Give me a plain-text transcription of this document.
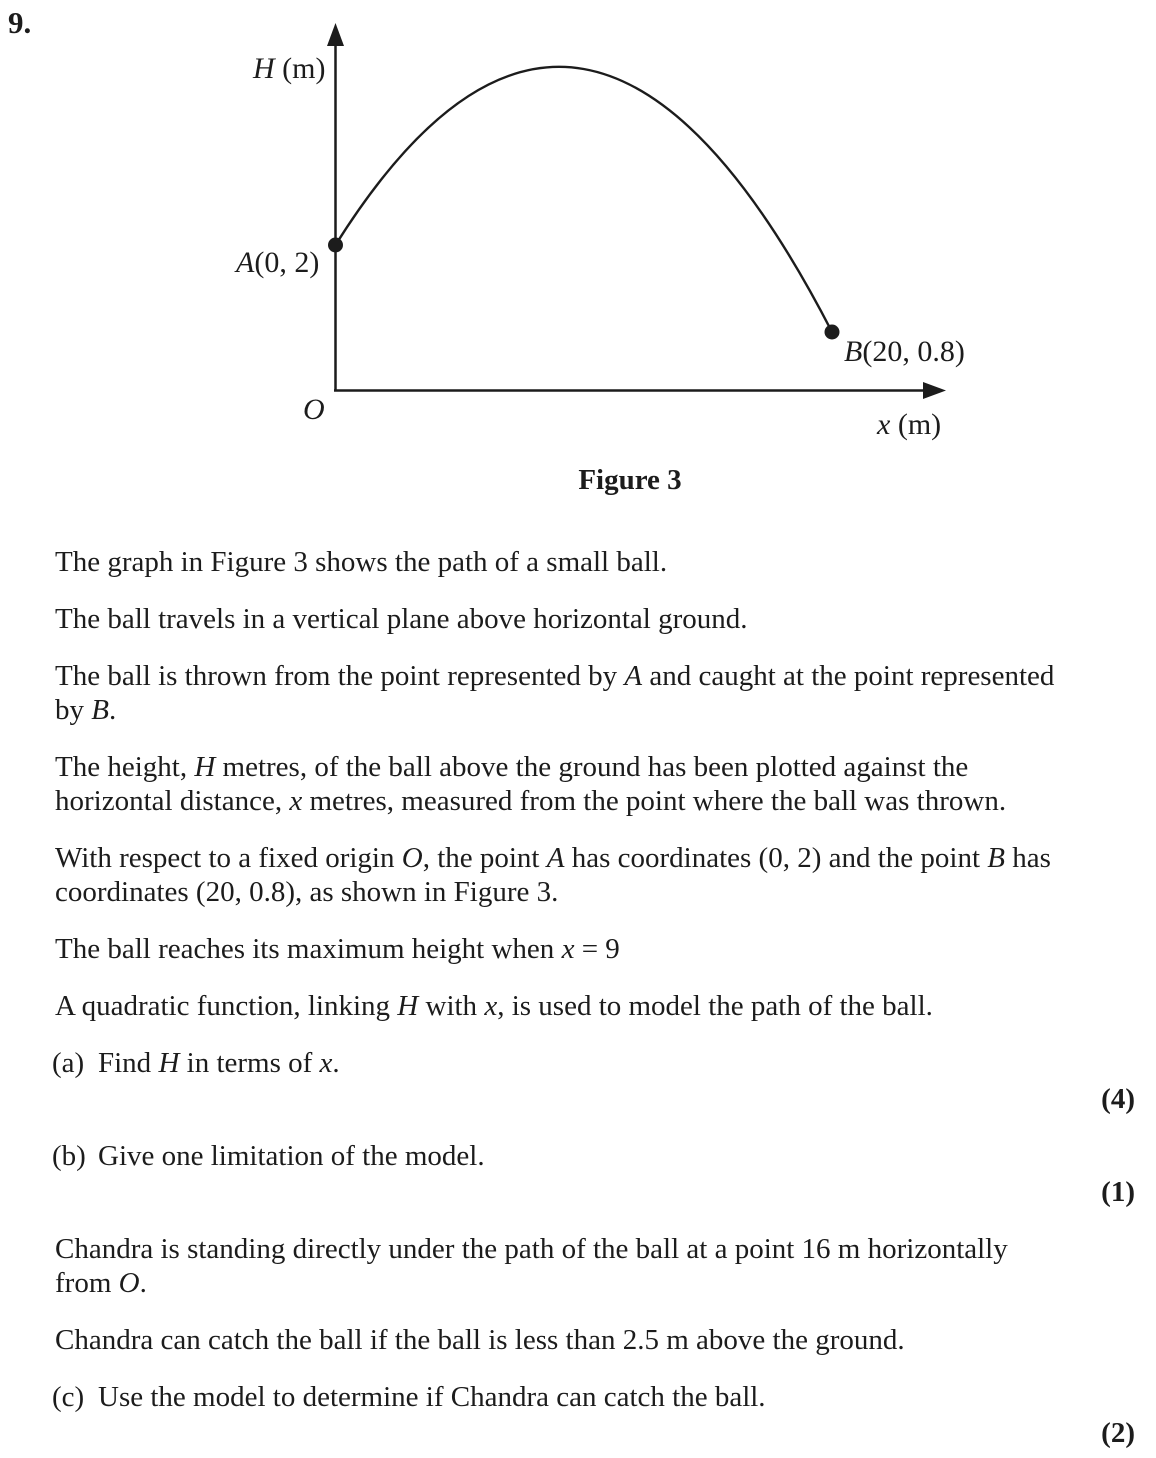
9.
H (m)
A(0, 2)
O
B(20, 0.8)
x (m)
Figure 3
The graph in Figure 3 shows the path of a small ball.
The ball travels in a vertical plane above horizontal ground.
The ball is thrown from the point represented by A and caught at the point represented
by B.
The height, H metres, of the ball above the ground has been plotted against the
horizontal distance, x metres, measured from the point where the ball was thrown.
With respect to a fixed origin O, the point A has coordinates (0, 2) and the point B has
coordinates (20, 0.8), as shown in Figure 3.
The ball reaches its maximum height when x = 9
A quadratic function, linking H with x, is used to model the path of the ball.
(a) Find H in terms of x.
(4)
(b) Give one limitation of the model.
(1)
Chandra is standing directly under the path of the ball at a point 16 m horizontally
from O.
Chandra can catch the ball if the ball is less than 2.5 m above the ground.
(c) Use the model to determine if Chandra can catch the ball.
(2)
